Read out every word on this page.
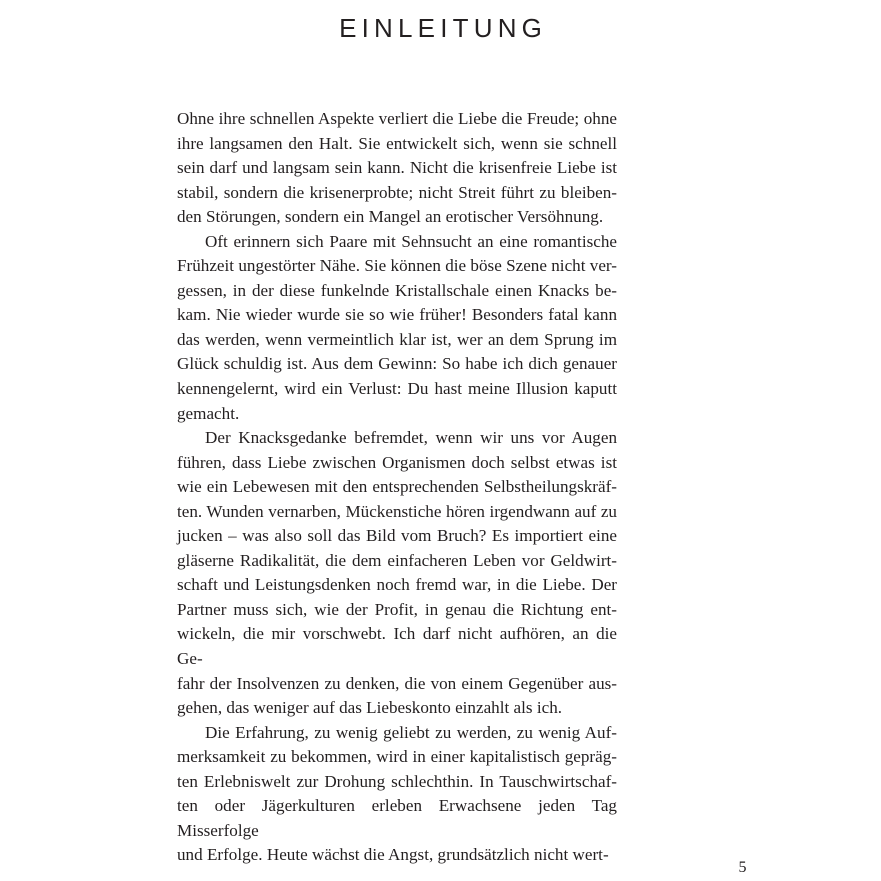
EINLEITUNG

Ohne ihre schnellen Aspekte verliert die Liebe die Freude; ohne
ihre langsamen den Halt. Sie entwickelt sich, wenn sie schnell
sein darf und langsam sein kann. Nicht die krisenfreie Liebe ist
stabil, sondern die krisenerprobte; nicht Streit führt zu bleiben-
den Störungen, sondern ein Mangel an erotischer Versöhnung.

Oft erinnern sich Paare mit Sehnsucht an eine romantische
Frühzeit ungestörter Nähe. Sie können die böse Szene nicht ver-
gessen, in der diese funkelnde Kristallschale einen Knacks be-
kam. Nie wieder wurde sie so wie früher! Besonders fatal kann
das werden, wenn vermeintlich klar ist, wer an dem Sprung im
Glück schuldig ist. Aus dem Gewinn: So habe ich dich genauer
kennengelernt, wird ein Verlust: Du hast meine Illusion kaputt
gemacht.

Der Knacksgedanke befremdet, wenn wir uns vor Augen
führen, dass Liebe zwischen Organismen doch selbst etwas ist
wie ein Lebewesen mit den entsprechenden Selbstheilungskräf-
ten. Wunden vernarben, Mückenstiche hören irgendwann auf zu
jucken – was also soll das Bild vom Bruch? Es importiert eine
gläserne Radikalität, die dem einfacheren Leben vor Geldwirt-
schaft und Leistungsdenken noch fremd war, in die Liebe. Der
Partner muss sich, wie der Profit, in genau die Richtung ent-
wickeln, die mir vorschwebt. Ich darf nicht aufhören, an die Ge-
fahr der Insolvenzen zu denken, die von einem Gegenüber aus-
gehen, das weniger auf das Liebeskonto einzahlt als ich.

Die Erfahrung, zu wenig geliebt zu werden, zu wenig Auf-
merksamkeit zu bekommen, wird in einer kapitalistisch gepräg-
ten Erlebniswelt zur Drohung schlechthin. In Tauschwirtschaf-
ten oder Jägerkulturen erleben Erwachsene jeden Tag Misserfolge
und Erfolge. Heute wächst die Angst, grundsätzlich nicht wert-

5
